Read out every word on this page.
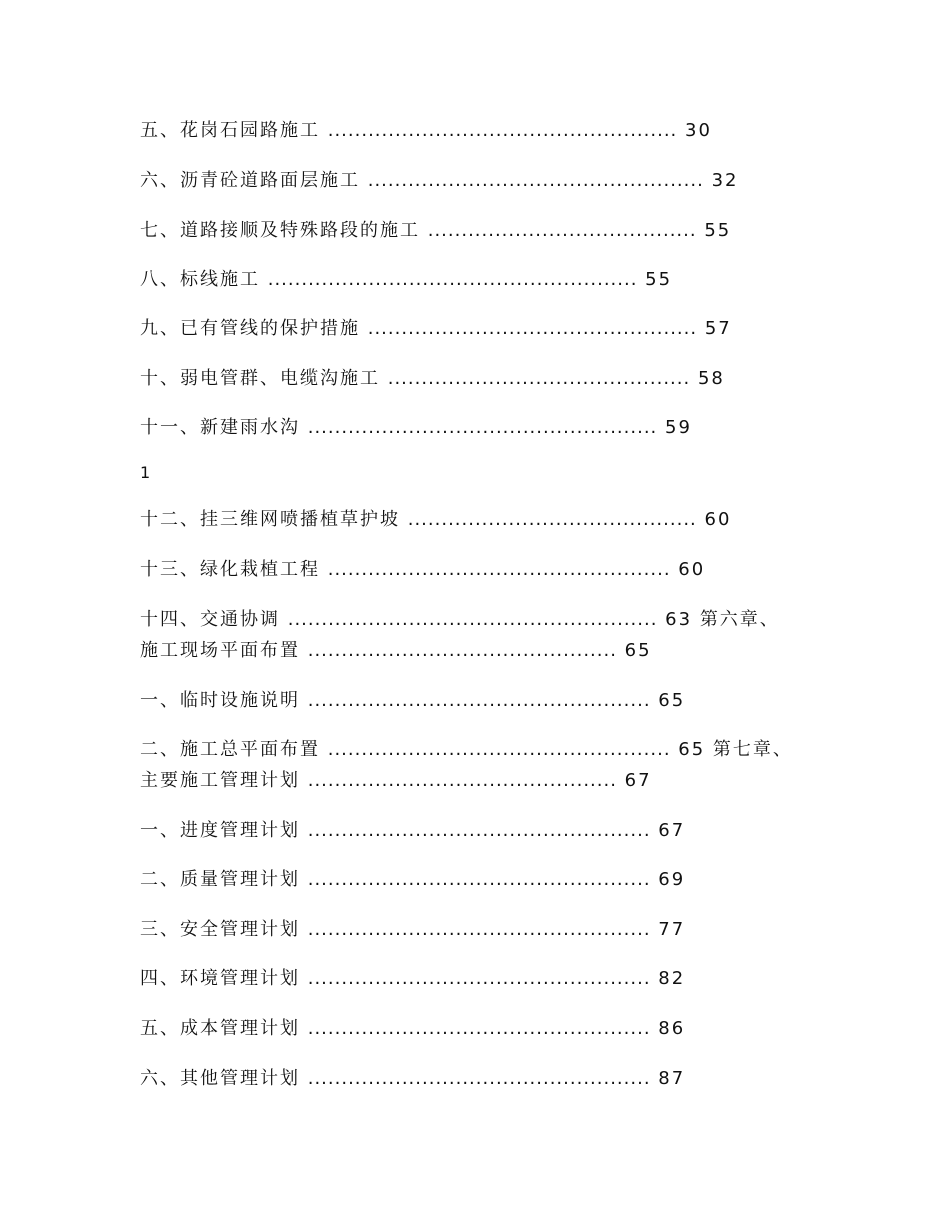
五、花岗石园路施工 .................................................... 30
六、沥青砼道路面层施工 .................................................. 32
七、道路接顺及特殊路段的施工 ........................................ 55
八、标线施工 ....................................................... 55
九、已有管线的保护措施 ................................................. 57
十、弱电管群、电缆沟施工 ............................................. 58
十一、新建雨水沟 .................................................... 59
1
十二、挂三维网喷播植草护坡 ........................................... 60
十三、绿化栽植工程 ................................................... 60
十四、交通协调 ....................................................... 63 第六章、
施工现场平面布置 .............................................. 65
一、临时设施说明 ................................................... 65
二、施工总平面布置 ................................................... 65 第七章、
主要施工管理计划 .............................................. 67
一、进度管理计划 ................................................... 67
二、质量管理计划 ................................................... 69
三、安全管理计划 ................................................... 77
四、环境管理计划 ................................................... 82
五、成本管理计划 ................................................... 86
六、其他管理计划 ................................................... 87
